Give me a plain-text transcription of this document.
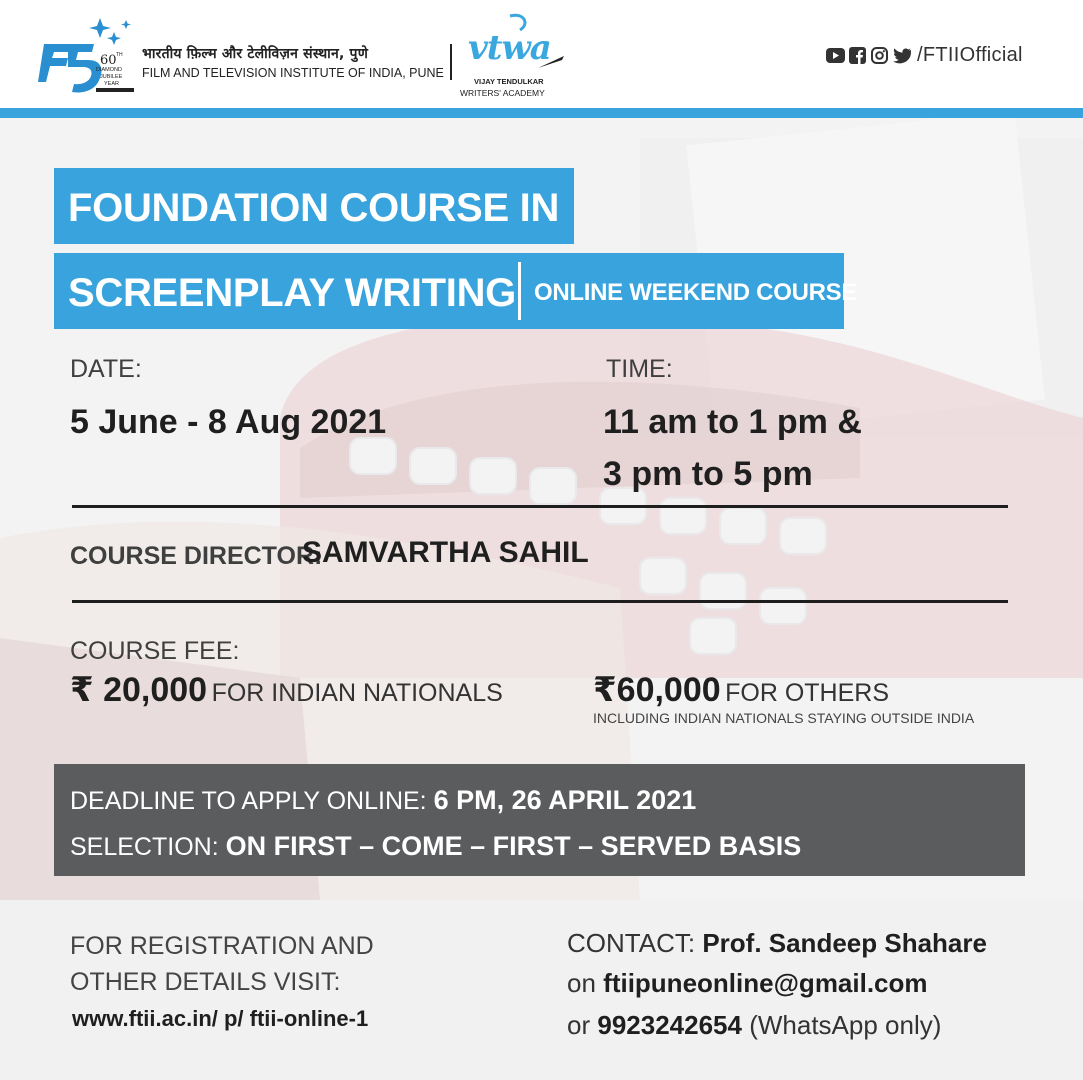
60 TH
DIAMOND
JUBILEE
YEAR
भारतीय फ़िल्म और टेलीविज़न संस्थान, पुणे
FILM AND TELEVISION INSTITUTE OF INDIA, PUNE
vtwa
VIJAY TENDULKAR
WRITERS' ACADEMY
/FTIIOfficial
FOUNDATION COURSE IN
SCREENPLAY WRITING ONLINE WEEKEND COURSE
DATE:
5 June - 8 Aug 2021
TIME:
11 am to 1 pm &
3 pm to 5 pm
COURSE DIRECTOR:
SAMVARTHA SAHIL
COURSE FEE:
₹ 20,000 FOR INDIAN NATIONALS	₹60,000 FOR OTHERS
INCLUDING INDIAN NATIONALS STAYING OUTSIDE INDIA
DEADLINE TO APPLY ONLINE: 6 PM, 26 APRIL 2021
SELECTION: ON FIRST – COME – FIRST – SERVED BASIS
FOR REGISTRATION AND
OTHER DETAILS VISIT:
www.ftii.ac.in/ p/ ftii-online-1
CONTACT: Prof. Sandeep Shahare
on ftiipuneonline@gmail.com
or 9923242654 (WhatsApp only)
